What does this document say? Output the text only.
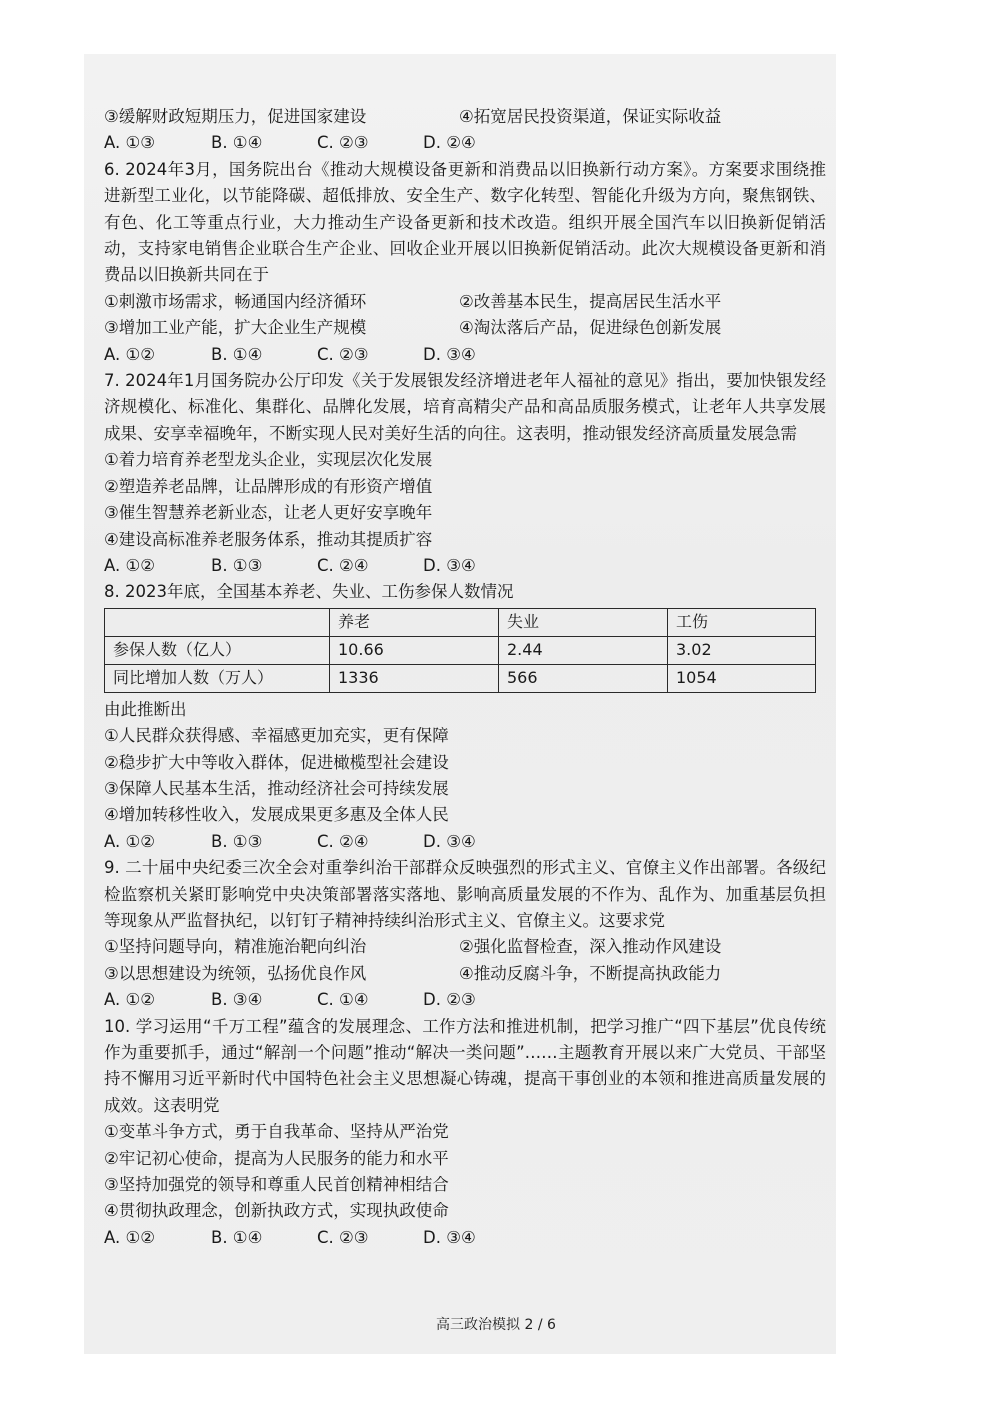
③缓解财政短期压力，促进国家建设	④拓宽居民投资渠道，保证实际收益
A. ①③	B. ①④	C. ②③	D. ②④
6. 2024年3月，国务院出台《推动大规模设备更新和消费品以旧换新行动方案》。方案要求围绕推进新型工业化，以节能降碳、超低排放、安全生产、数字化转型、智能化升级为方向，聚焦钢铁、有色、化工等重点行业，大力推动生产设备更新和技术改造。组织开展全国汽车以旧换新促销活动，支持家电销售企业联合生产企业、回收企业开展以旧换新促销活动。此次大规模设备更新和消费品以旧换新共同在于
①刺激市场需求，畅通国内经济循环	②改善基本民生，提高居民生活水平
③增加工业产能，扩大企业生产规模	④淘汰落后产品，促进绿色创新发展
A. ①②	B. ①④	C. ②③	D. ③④
7. 2024年1月国务院办公厅印发《关于发展银发经济增进老年人福祉的意见》指出，要加快银发经济规模化、标准化、集群化、品牌化发展，培育高精尖产品和高品质服务模式，让老年人共享发展成果、安享幸福晚年，不断实现人民对美好生活的向往。这表明，推动银发经济高质量发展急需
①着力培育养老型龙头企业，实现层次化发展
②塑造养老品牌，让品牌形成的有形资产增值
③催生智慧养老新业态，让老人更好安享晚年
④建设高标准养老服务体系，推动其提质扩容
A. ①②	B. ①③	C. ②④	D. ③④
8. 2023年底，全国基本养老、失业、工伤参保人数情况
	养老	失业	工伤
参保人数（亿人）	10.66	2.44	3.02
同比增加人数（万人）	1336	566	1054
由此推断出
①人民群众获得感、幸福感更加充实，更有保障
②稳步扩大中等收入群体，促进橄榄型社会建设
③保障人民基本生活，推动经济社会可持续发展
④增加转移性收入，发展成果更多惠及全体人民
A. ①②	B. ①③	C. ②④	D. ③④
9. 二十届中央纪委三次全会对重拳纠治干部群众反映强烈的形式主义、官僚主义作出部署。各级纪检监察机关紧盯影响党中央决策部署落实落地、影响高质量发展的不作为、乱作为、加重基层负担等现象从严监督执纪，以钉钉子精神持续纠治形式主义、官僚主义。这要求党
①坚持问题导向，精准施治靶向纠治	②强化监督检查，深入推动作风建设
③以思想建设为统领，弘扬优良作风	④推动反腐斗争，不断提高执政能力
A. ①②	B. ③④	C. ①④	D. ②③
10. 学习运用“千万工程”蕴含的发展理念、工作方法和推进机制，把学习推广“四下基层”优良传统作为重要抓手，通过“解剖一个问题”推动“解决一类问题”……主题教育开展以来广大党员、干部坚持不懈用习近平新时代中国特色社会主义思想凝心铸魂，提高干事创业的本领和推进高质量发展的成效。这表明党
①变革斗争方式，勇于自我革命、坚持从严治党
②牢记初心使命，提高为人民服务的能力和水平
③坚持加强党的领导和尊重人民首创精神相结合
④贯彻执政理念，创新执政方式，实现执政使命
A. ①②	B. ①④	C. ②③	D. ③④
高三政治模拟 2 / 6
